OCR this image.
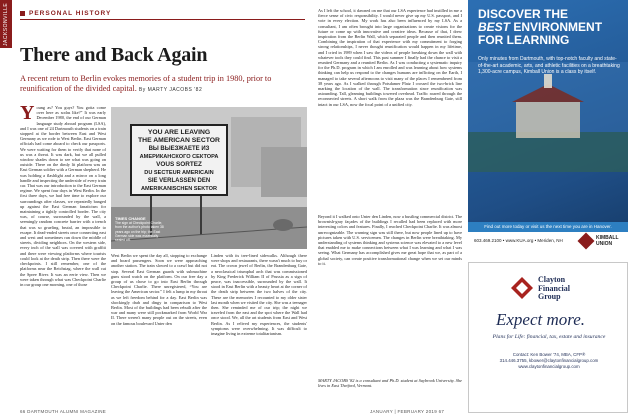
JACKSONVILLE	PERSONAL HISTORY
There and Back Again
A recent return to Berlin evokes memories of a student trip in 1980, prior to reunification of the divided capital. By MARTY JACOBS '82
Young as? You guys? You gotta come over here as sodas like?” It was early December 1980, the end of our German language study abroad program (LSA), and I was one of 24 Dartmouth students on a train stopped at the border between East and West Germany as we rode to West Berlin. East German officials had come aboard to check our passports. We were waiting for them to verify that none of us was a threat. It was dark, but we all pulled window shades down to see what was going on outside. There on the dimly lit platform was an East German soldier with a German shepherd. He was holding a flashlight and a mirror on a long handle and inspecting the underside of every train car. That was our introduction to the East German regime. We spent four days in West Berlin. In the first three days, we had free time to explore our surroundings after classes, we repeatedly banged up against the East German fanaticism for maintaining a tightly controlled border. The city was, of course, surrounded by the wall, a seemingly random concrete barrier with a trench that was so grueling, brutal, an impossible to escape. It dead-ended streets once connecting east and west and sometimes ran down the middle of streets, dividing neighbors. On the western side, every inch of the wall was covered with graffiti and there were viewing platforms where tourists could look at the death strip. Then there were the checkpoints. I still remember, one of the platforms near the Reichstag, where the wall cut the Spree River. It was an eerie view. Then we were taken through what was Checkpoint Charlie in our group one morning, one of those
YOU ARE LEAVING
THE AMERICAN SECTOR
ВЫ ВЫЕЗЖАЕТЕ ИЗ
АМЕРИКАНСКОГО СЕКТОРА
VOUS SORTEZ
DU SECTEUR AMERICAIN
SIE VERLASSEN DEN
AMERIKANISCHEN SEKTOR
TIMES CHANGE
The sign at Checkpoint Charlie, from the author's photo taken 38 years ago on the trip; the East German side was essentially sealed off.
West Berlin we spent the day all, stopping to exchange and board passengers. Soon we were approaching another station. The train slowed to a crawl but did not stop. Several East German guards with submachine guns stood watch on the platform. On our free day a group of us chose to go into East Berlin through Checkpoint Charlie. There unregistered, “You are leaving the American sector.” I felt a lump in my throat as we left freedom behind for a day. East Berlin was shockingly drab and dingy in comparison to West Berlin. Most of the buildings had been rebuilt after the war and many were still pockmarked from World War II. There weren't many people out on the streets, even on the famous boulevard Unter den
Linden with its tree-lined sidewalks. Although there were shops and restaurants, there wasn't much to buy or eat. The crown jewel of Berlin, the Brandenburg Gate, a neoclassical triumphal arch that was commissioned by King Frederick William II of Prussia as a sign of peace, was inaccessible, surrounded by the wall. It stood in East Berlin with a beauty heart at the corner of the death strip between the two halves of the city. These are the memories I recounted to my older sister last month when we visited the city. She was a teenager then. She reminded me of our trip; the night we traveled from the east and the spot where the Wall had once stood. We, all the art students from East and West Berlin. As I relived my experiences, the students' symptoms were overwhelming. It was difficult to imagine living in extreme totalitarianism.
As I left the school, it dawned on me that our LSA experience had instilled in me a fierce sense of civic responsibility. I would never give up my U.S. passport, and I vote in every election. My work has also been influenced by my LSA. As a consultant, I am often brought into large organizations to create visions for the future or come up with innovative and creative ideas. Because of that, I drew inspiration from the Berlin Wall, which separated people and then reunited them. Combining the inspiration of that experience with my commitment to forging strong relationships, I never thought reunification would happen in my lifetime, and I cried in 1989 when I saw the videos of people breaking down the wall with whatever tools they could find. This past summer I finally had the chance to visit a reunited Germany and a reunited Berlin. As I was conducting a systematic inquiry for the Ph.D. program in which I am enrolled and was learning about how systems thinking can help us respond to the changes humans are inflicting on the Earth, I managed to take several afternoons to visit many of the places I remembered from 38 years ago. As I walked through Potsdamer Platz I crossed the two-brick line marking the location of the wall. The transformation since reunification was astounding. Tall, gleaming buildings towered overhead. Traffic roared through the reconnected streets. A short walk from the plaza was the Brandenburg Gate, still intact in our LSA, now the focal point of a unified city.
Beyond it I walked onto Unter den Linden, now a bustling commercial district. The brownish-gray façades of the buildings I recalled had been replaced with more interesting colors and features. Finally, I reached Checkpoint Charlie. It was almost unrecognizable. The warning sign was still there, but now people lined up to have pictures taken with U.S. servicemen. The changes in Berlin were breathtaking. My understanding of systems thinking and systems science was elevated to a new level that enabled me to make connections between what I was learning and what I was seeing. What Germany has accomplished gives me great hope that we, as part of a global society, can create positive transformational change when we set our minds to it.
MARTY JACOBS '82 is a consultant and Ph.D. student at Saybrook University. She lives in East Thetford, Vermont.
66 DARTMOUTH ALUMNI MAGAZINE	JANUARY | FEBRUARY 2019 67
DISCOVER THE
BEST ENVIRONMENT
FOR LEARNING
Only minutes from Dartmouth, with top-notch faculty and state-of-the-art academic, arts, and athletic facilities on a breathtaking 1,300-acre campus, Kimball Union is a class by itself.
Find out more today or visit us the next time you are in Hanover.
603.469.2100 • www.KUA.org • Meriden, NH	KIMBALL
UNION
Clayton
Financial
Group
Expect more.
Plans for Life: financial, tax, estate and insurance
Contact: Ken Bower '74, MBA, CFP®
314.446.3755, kbower@claytonfinancialgroup.com
www.claytonfinancialgroup.com
